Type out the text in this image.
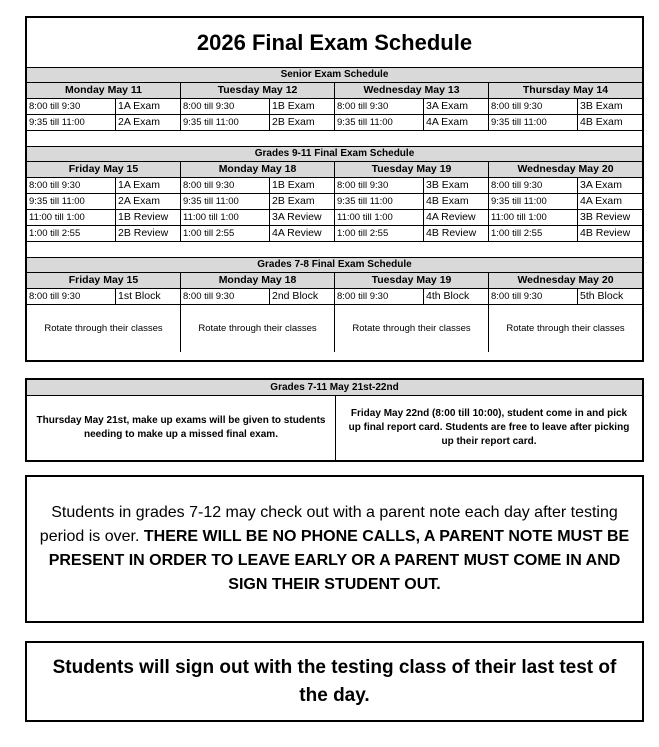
2026 Final Exam Schedule
Senior Exam Schedule
Monday May 11	Tuesday May 12	Wednesday May 13	Thursday May 14
8:00 till 9:30	1A Exam	8:00 till 9:30	1B Exam	8:00 till 9:30	3A Exam	8:00 till 9:30	3B Exam
9:35 till 11:00	2A Exam	9:35 till 11:00	2B Exam	9:35 till 11:00	4A Exam	9:35 till 11:00	4B Exam
Grades 9-11 Final Exam Schedule
Friday May 15	Monday May 18	Tuesday May 19	Wednesday May 20
8:00 till 9:30	1A Exam	8:00 till 9:30	1B Exam	8:00 till 9:30	3B Exam	8:00 till 9:30	3A Exam
9:35 till 11:00	2A Exam	9:35 till 11:00	2B Exam	9:35 till 11:00	4B Exam	9:35 till 11:00	4A Exam
11:00 till 1:00	1B Review	11:00 till 1:00	3A Review	11:00 till 1:00	4A Review	11:00 till 1:00	3B Review
1:00 till 2:55	2B Review	1:00 till 2:55	4A Review	1:00 till 2:55	4B Review	1:00 till 2:55	4B Review
Grades 7-8 Final Exam Schedule
Friday May 15	Monday May 18	Tuesday May 19	Wednesday May 20
8:00 till 9:30	1st Block	8:00 till 9:30	2nd Block	8:00 till 9:30	4th Block	8:00 till 9:30	5th Block
Rotate through their classes	Rotate through their classes	Rotate through their classes	Rotate through their classes
Grades 7-11 May 21st-22nd
Thursday May 21st, make up exams will be given to students needing to make up a missed final exam.
Friday May 22nd (8:00 till 10:00), student come in and pick up final report card. Students are free to leave after picking up their report card.
Students in grades 7-12 may check out with a parent note each day after testing period is over. THERE WILL BE NO PHONE CALLS, A PARENT NOTE MUST BE PRESENT IN ORDER TO LEAVE EARLY OR A PARENT MUST COME IN AND SIGN THEIR STUDENT OUT.
Students will sign out with the testing class of their last test of the day.
